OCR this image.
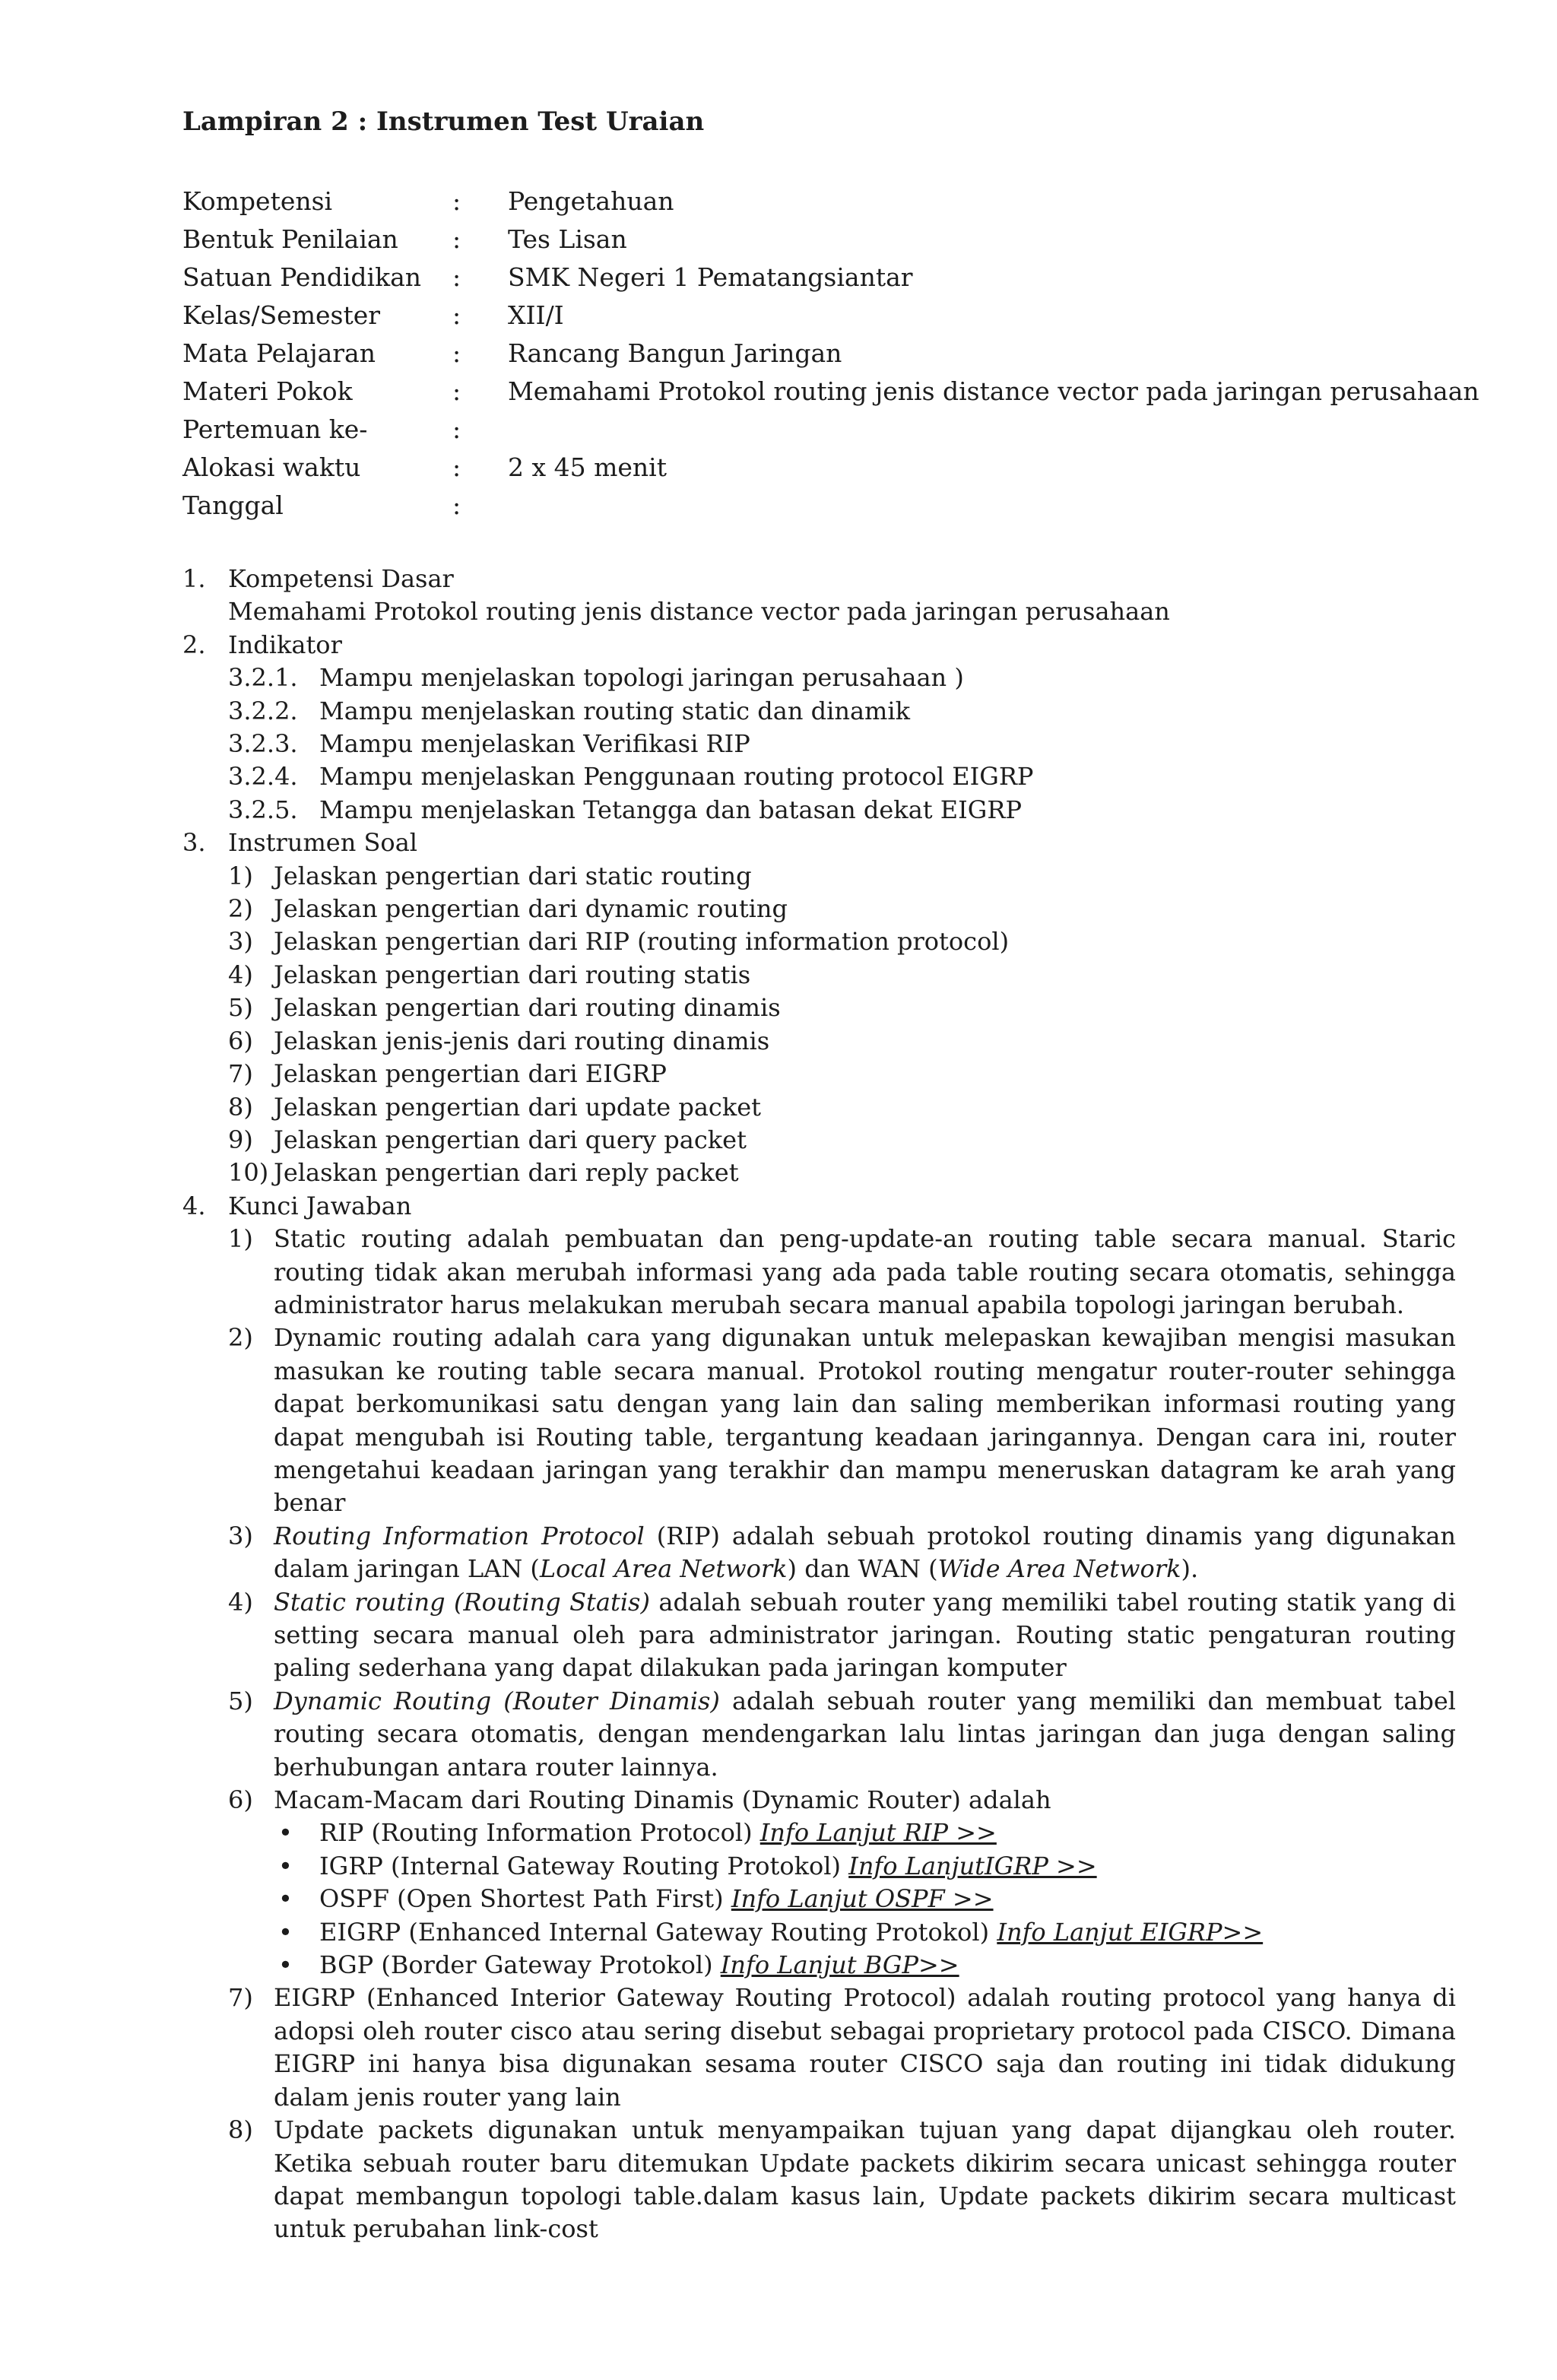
Lampiran 2 : Instrumen Test Uraian
Kompetensi	:	Pengetahuan
Bentuk Penilaian	:	Tes Lisan
Satuan Pendidikan	:	SMK Negeri 1 Pematangsiantar
Kelas/Semester	:	XII/I
Mata Pelajaran	:	Rancang Bangun Jaringan
Materi Pokok	:	Memahami Protokol routing jenis distance vector pada jaringan perusahaan
Pertemuan ke-	:
Alokasi waktu	:	2 x 45 menit
Tanggal	:
1. Kompetensi Dasar
Memahami Protokol routing jenis distance vector pada jaringan perusahaan
2. Indikator
3.2.1. Mampu menjelaskan topologi jaringan perusahaan )
3.2.2. Mampu menjelaskan routing static dan dinamik
3.2.3. Mampu menjelaskan Verifikasi RIP
3.2.4. Mampu menjelaskan Penggunaan routing protocol EIGRP
3.2.5. Mampu menjelaskan Tetangga dan batasan dekat EIGRP
3. Instrumen Soal
1) Jelaskan pengertian dari static routing
2) Jelaskan pengertian dari dynamic routing
3) Jelaskan pengertian dari RIP (routing information protocol)
4) Jelaskan pengertian dari routing statis
5) Jelaskan pengertian dari routing dinamis
6) Jelaskan jenis-jenis dari routing dinamis
7) Jelaskan pengertian dari EIGRP
8) Jelaskan pengertian dari update packet
9) Jelaskan pengertian dari query packet
10) Jelaskan pengertian dari reply packet
4. Kunci Jawaban
1) Static routing adalah pembuatan dan peng-update-an routing table secara manual. Staric routing tidak akan merubah informasi yang ada pada table routing secara otomatis, sehingga administrator harus melakukan merubah secara manual apabila topologi jaringan berubah.
2) Dynamic routing adalah cara yang digunakan untuk melepaskan kewajiban mengisi masukan masukan ke routing table secara manual. Protokol routing mengatur router-router sehingga dapat berkomunikasi satu dengan yang lain dan saling memberikan informasi routing yang dapat mengubah isi Routing table, tergantung keadaan jaringannya. Dengan cara ini, router mengetahui keadaan jaringan yang terakhir dan mampu meneruskan datagram ke arah yang benar
3) Routing Information Protocol (RIP) adalah sebuah protokol routing dinamis yang digunakan dalam jaringan LAN (Local Area Network) dan WAN (Wide Area Network).
4) Static routing (Routing Statis) adalah sebuah router yang memiliki tabel routing statik yang di setting secara manual oleh para administrator jaringan. Routing static pengaturan routing paling sederhana yang dapat dilakukan pada jaringan komputer
5) Dynamic Routing (Router Dinamis) adalah sebuah router yang memiliki dan membuat tabel routing secara otomatis, dengan mendengarkan lalu lintas jaringan dan juga dengan saling berhubungan antara router lainnya.
6) Macam-Macam dari Routing Dinamis (Dynamic Router) adalah
•	RIP (Routing Information Protocol) Info Lanjut RIP >>
•	IGRP (Internal Gateway Routing Protokol) Info LanjutIGRP >>
•	OSPF (Open Shortest Path First) Info Lanjut OSPF >>
•	EIGRP (Enhanced Internal Gateway Routing Protokol) Info Lanjut EIGRP>>
•	BGP (Border Gateway Protokol) Info Lanjut BGP>>
7) EIGRP (Enhanced Interior Gateway Routing Protocol) adalah routing protocol yang hanya di adopsi oleh router cisco atau sering disebut sebagai proprietary protocol pada CISCO. Dimana EIGRP ini hanya bisa digunakan sesama router CISCO saja dan routing ini tidak didukung dalam jenis router yang lain
8) Update packets digunakan untuk menyampaikan tujuan yang dapat dijangkau oleh router. Ketika sebuah router baru ditemukan Update packets dikirim secara unicast sehingga router dapat membangun topologi table.dalam kasus lain, Update packets dikirim secara multicast untuk perubahan link-cost
